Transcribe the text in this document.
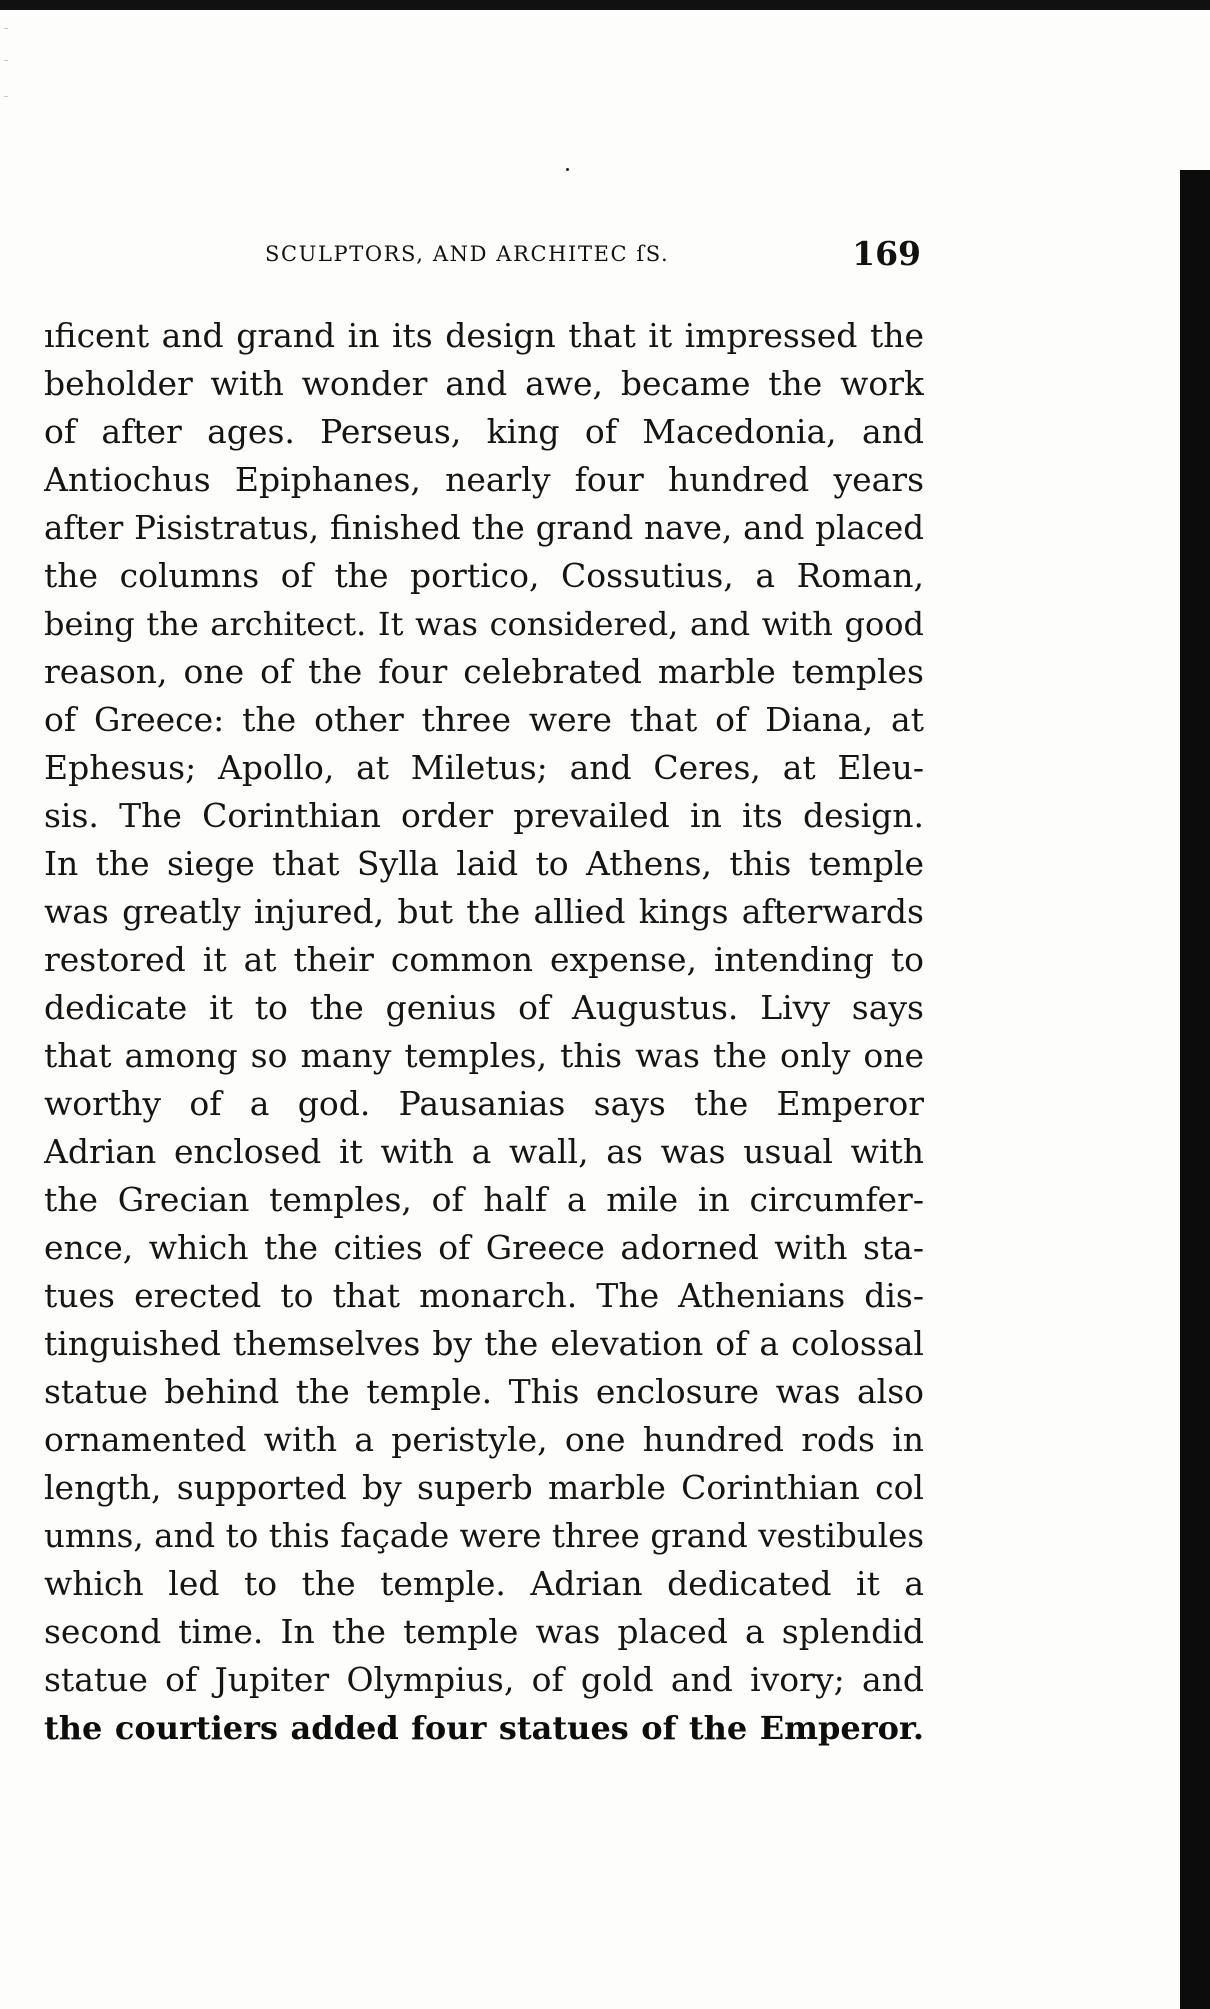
SCULPTORS, AND ARCHITEC ſS.	169
ıficent and grand in its design that it impressed the
beholder with wonder and awe, became the work
of after ages. Perseus, king of Macedonia, and
Antiochus Epiphanes, nearly four hundred years
after Pisistratus, finished the grand nave, and placed
the columns of the portico, Cossutius, a Roman,
being the architect. It was considered, and with good
reason, one of the four celebrated marble temples
of Greece: the other three were that of Diana, at
Ephesus; Apollo, at Miletus; and Ceres, at Eleu-
sis. The Corinthian order prevailed in its design.
In the siege that Sylla laid to Athens, this temple
was greatly injured, but the allied kings afterwards
restored it at their common expense, intending to
dedicate it to the genius of Augustus. Livy says
that among so many temples, this was the only one
worthy of a god. Pausanias says the Emperor
Adrian enclosed it with a wall, as was usual with
the Grecian temples, of half a mile in circumfer-
ence, which the cities of Greece adorned with sta-
tues erected to that monarch. The Athenians dis-
tinguished themselves by the elevation of a colossal
statue behind the temple. This enclosure was also
ornamented with a peristyle, one hundred rods in
length, supported by superb marble Corinthian col
umns, and to this façade were three grand vestibules
which led to the temple. Adrian dedicated it a
second time. In the temple was placed a splendid
statue of Jupiter Olympius, of gold and ivory; and
the courtiers added four statues of the Emperor.
